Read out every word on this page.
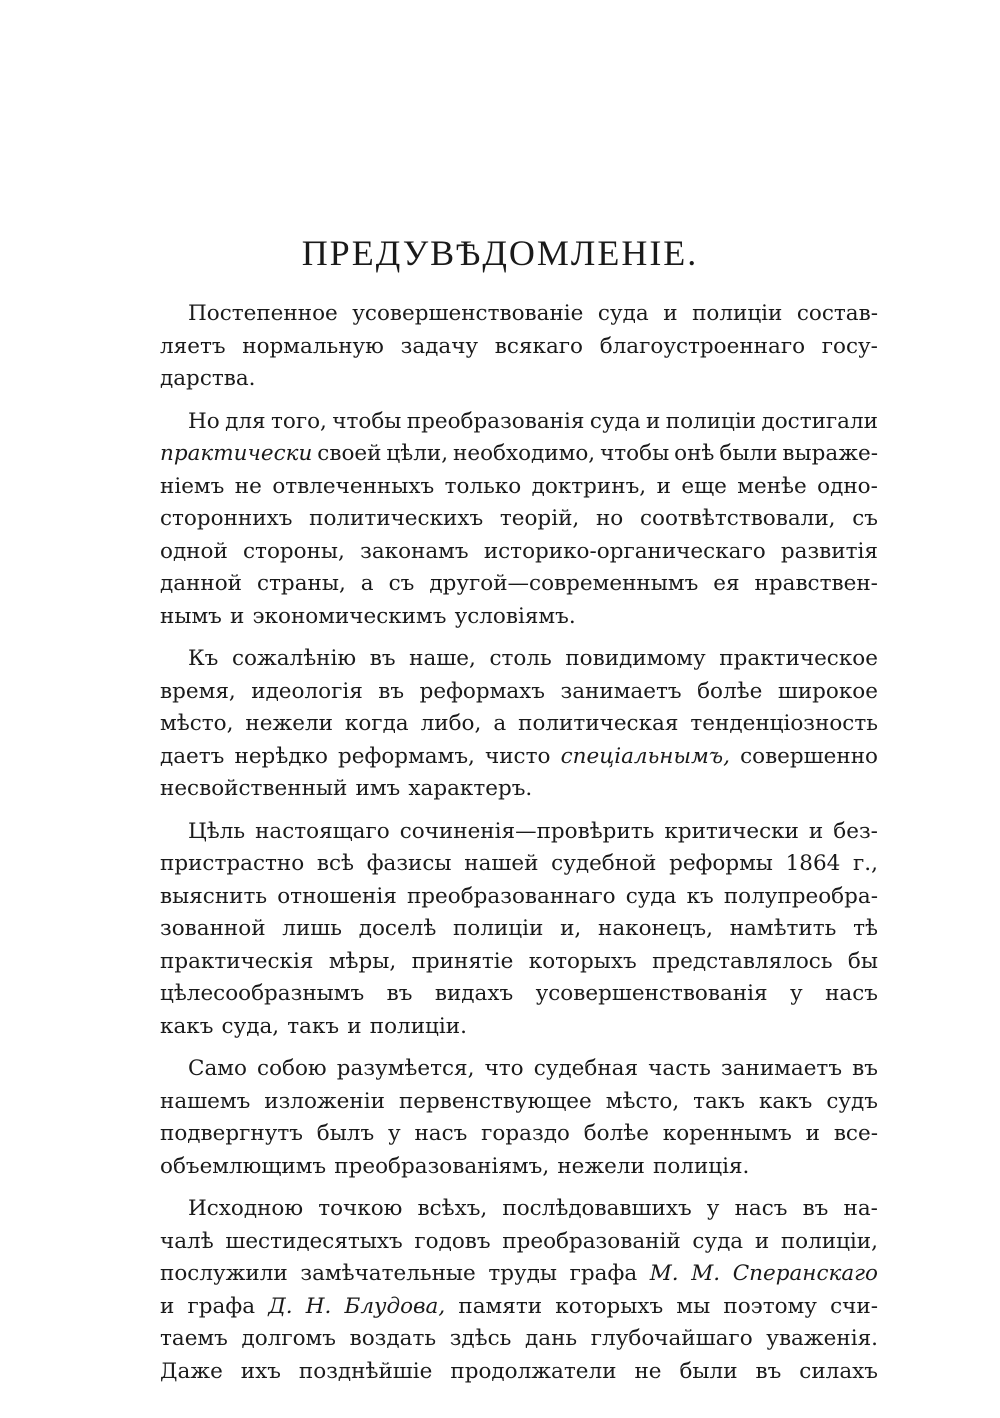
ПРЕДУВѢДОМЛЕНІЕ.
Постепенное усовершенствованіе суда и полиціи состав-
ляетъ нормальную задачу всякаго благоустроеннаго госу-
дарства.
Но для того, чтобы преобразованія суда и полиціи достигали
практически своей цѣли, необходимо, чтобы онѣ были выраже-
ніемъ не отвлеченныхъ только доктринъ, и еще менѣе одно-
стороннихъ политическихъ теорій, но соотвѣтствовали, съ
одной стороны, законамъ историко-органическаго развитія
данной страны, а съ другой—современнымъ ея нравствен-
нымъ и экономическимъ условіямъ.
Къ сожалѣнію въ наше, столь повидимому практическое
время, идеологія въ реформахъ занимаетъ болѣе широкое
мѣсто, нежели когда либо, а политическая тенденціозность
даетъ нерѣдко реформамъ, чисто спеціальнымъ, совершенно
несвойственный имъ характеръ.
Цѣль настоящаго сочиненія—провѣрить критически и без-
пристрастно всѣ фазисы нашей судебной реформы 1864 г.,
выяснить отношенія преобразованнаго суда къ полупреобра-
зованной лишь доселѣ полиціи и, наконецъ, намѣтить тѣ
практическія мѣры, принятіе которыхъ представлялось бы
цѣлесообразнымъ въ видахъ усовершенствованія у насъ
какъ суда, такъ и полиціи.
Само собою разумѣется, что судебная часть занимаетъ въ
нашемъ изложеніи первенствующее мѣсто, такъ какъ судъ
подвергнутъ былъ у насъ гораздо болѣе кореннымъ и все-
объемлющимъ преобразованіямъ, нежели полиція.
Исходною точкою всѣхъ, послѣдовавшихъ у насъ въ на-
чалѣ шестидесятыхъ годовъ преобразованій суда и полиціи,
послужили замѣчательные труды графа М. М. Сперанскаго
и графа Д. Н. Блудова, памяти которыхъ мы поэтому счи-
таемъ долгомъ воздать здѣсь дань глубочайшаго уваженія.
Даже ихъ позднѣйшіе продолжатели не были въ силахъ
